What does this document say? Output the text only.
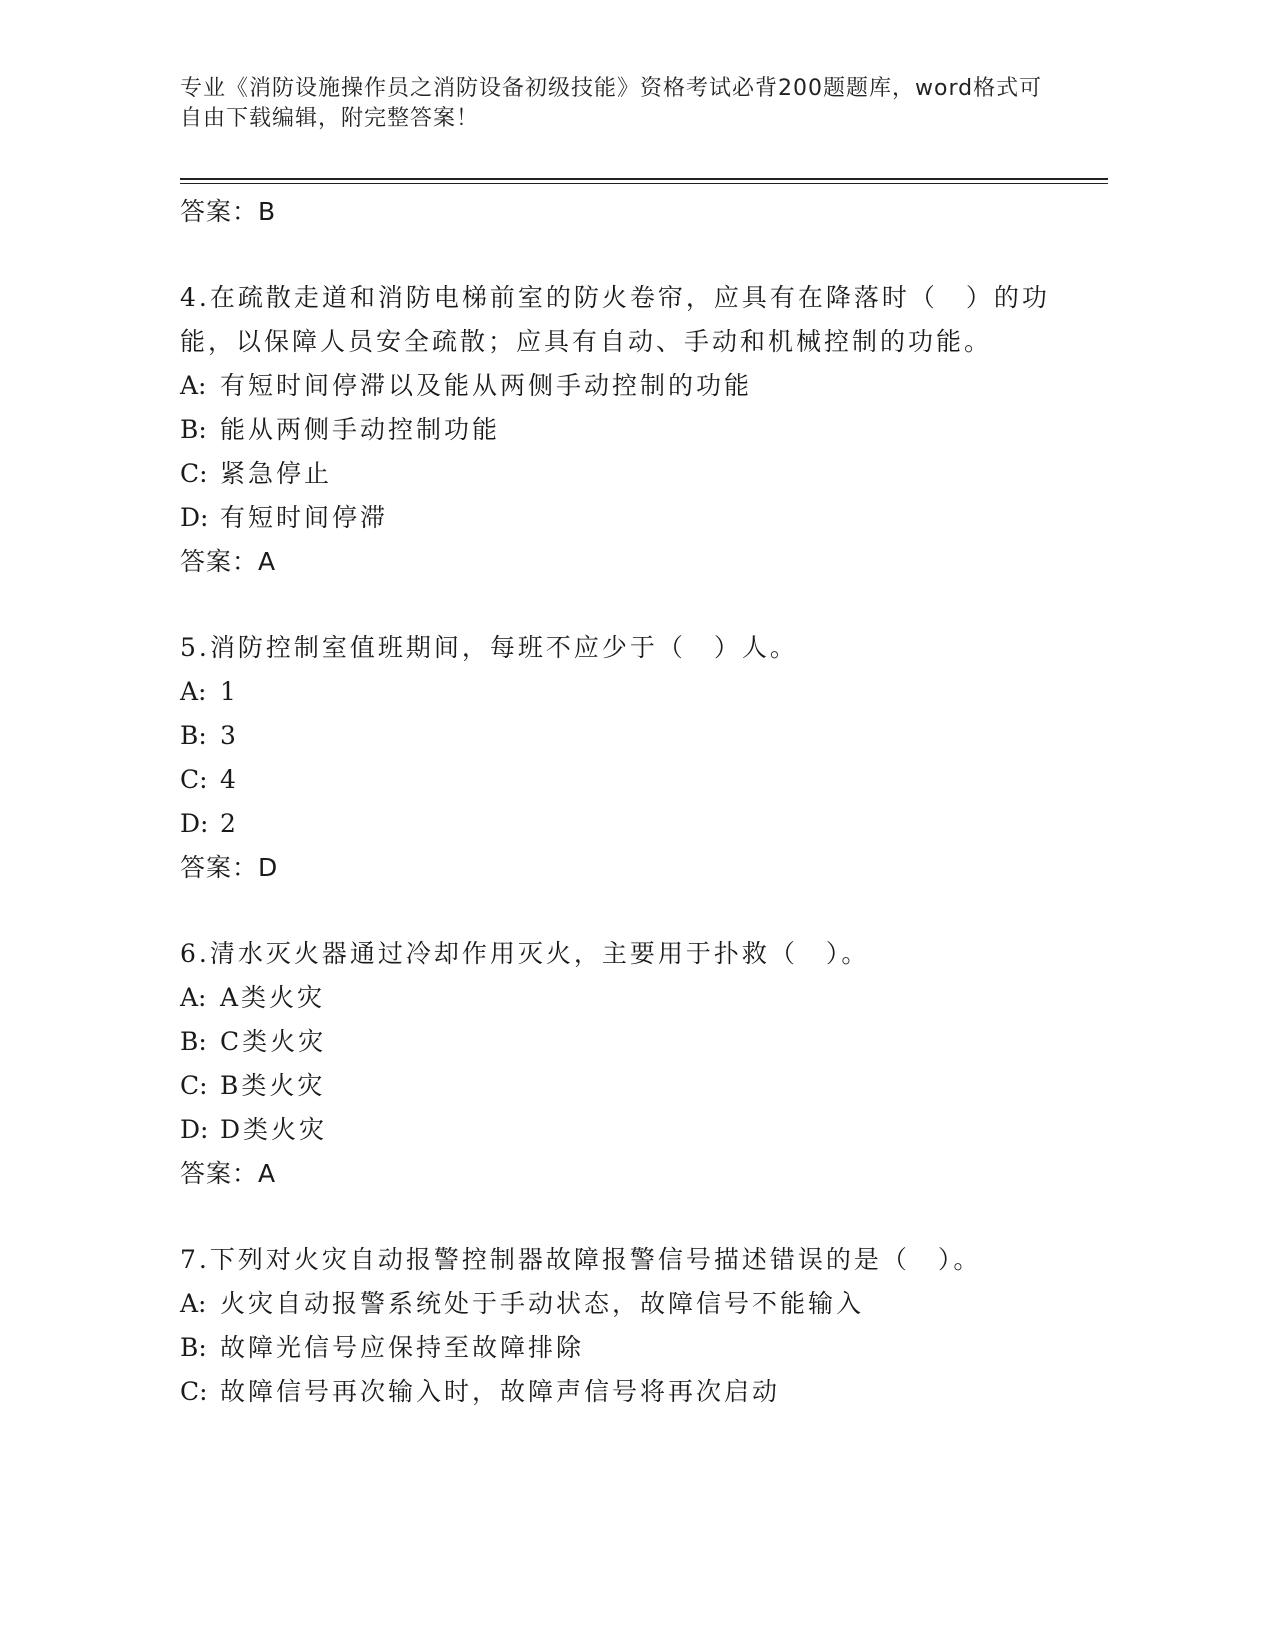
专业《消防设施操作员之消防设备初级技能》资格考试必背200题题库，word格式可自由下载编辑，附完整答案！
答案：B
4.在疏散走道和消防电梯前室的防火卷帘，应具有在降落时（　）的功能，以保障人员安全疏散；应具有自动、手动和机械控制的功能。
A: 有短时间停滞以及能从两侧手动控制的功能
B: 能从两侧手动控制功能
C: 紧急停止
D: 有短时间停滞
答案：A
5.消防控制室值班期间，每班不应少于（　）人。
A: 1
B: 3
C: 4
D: 2
答案：D
6.清水灭火器通过冷却作用灭火，主要用于扑救（　）。
A: A类火灾
B: C类火灾
C: B类火灾
D: D类火灾
答案：A
7.下列对火灾自动报警控制器故障报警信号描述错误的是（　）。
A: 火灾自动报警系统处于手动状态，故障信号不能输入
B: 故障光信号应保持至故障排除
C: 故障信号再次输入时，故障声信号将再次启动
